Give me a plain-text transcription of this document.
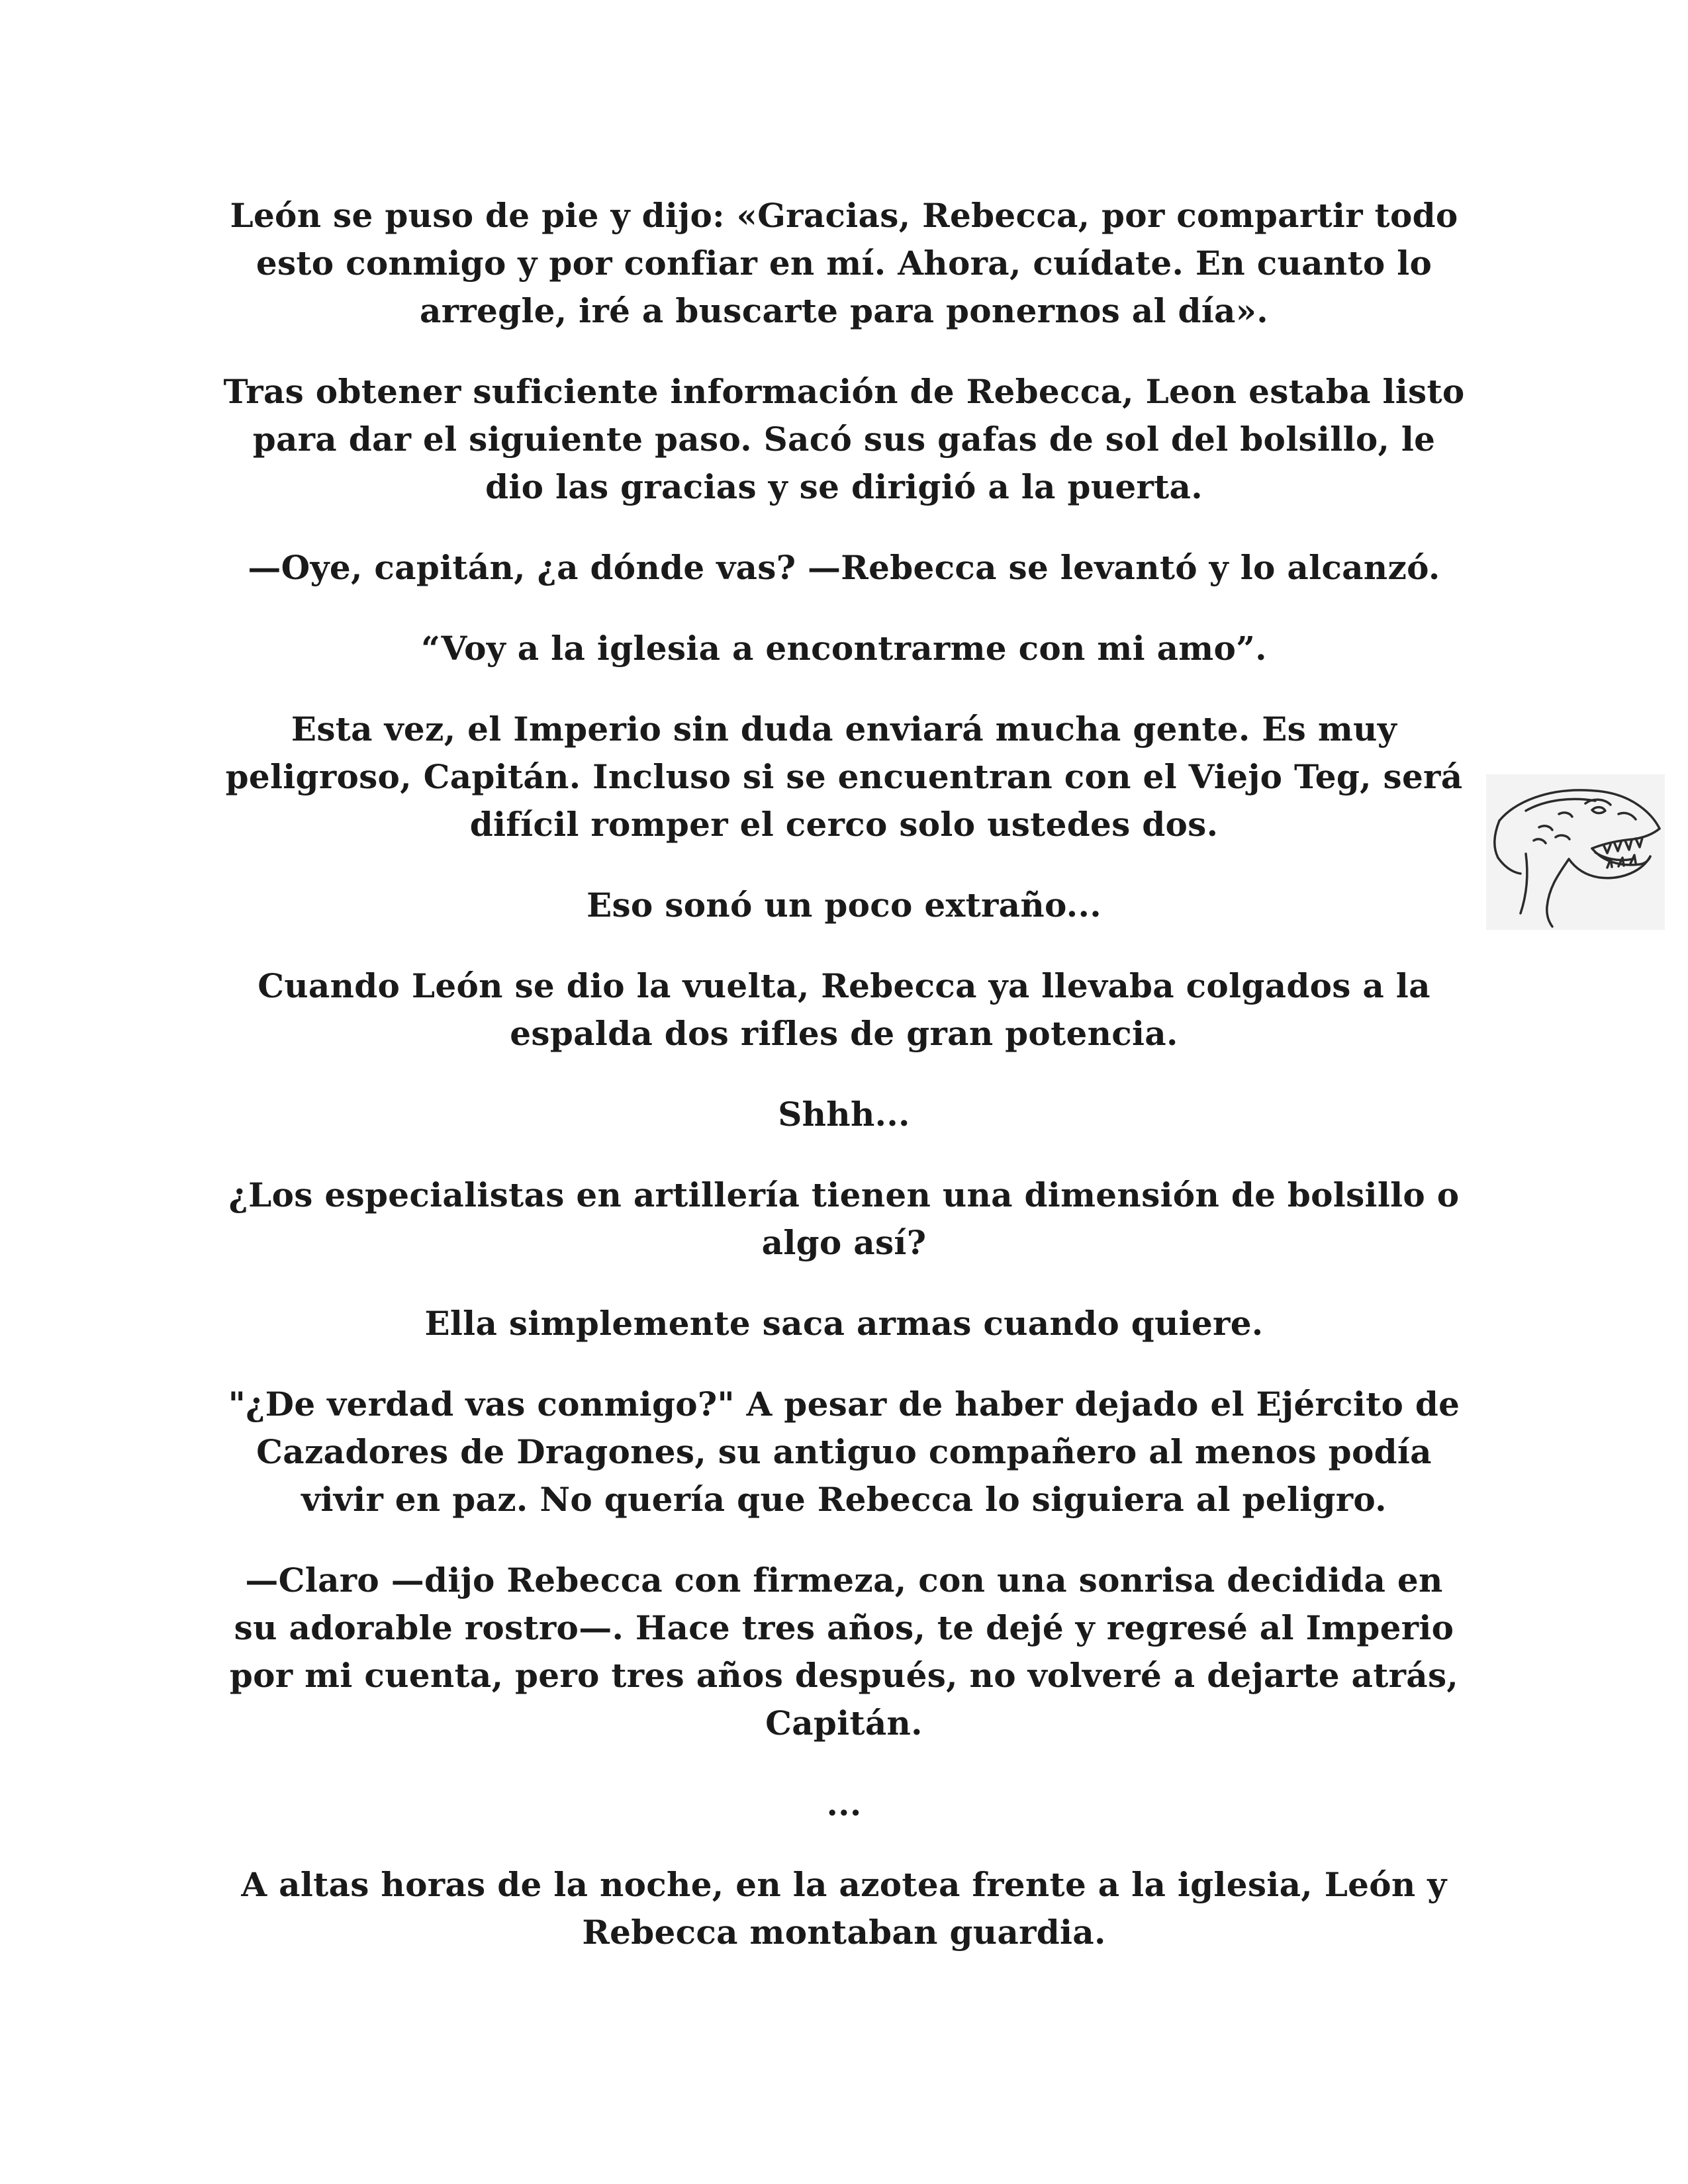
León se puso de pie y dijo: «Gracias, Rebecca, por compartir todo esto conmigo y por confiar en mí. Ahora, cuídate. En cuanto lo arregle, iré a buscarte para ponernos al día».

Tras obtener suficiente información de Rebecca, Leon estaba listo para dar el siguiente paso. Sacó sus gafas de sol del bolsillo, le dio las gracias y se dirigió a la puerta.

—Oye, capitán, ¿a dónde vas? —Rebecca se levantó y lo alcanzó.

“Voy a la iglesia a encontrarme con mi amo”.

Esta vez, el Imperio sin duda enviará mucha gente. Es muy peligroso, Capitán. Incluso si se encuentran con el Viejo Teg, será difícil romper el cerco solo ustedes dos.

Eso sonó un poco extraño...

Cuando León se dio la vuelta, Rebecca ya llevaba colgados a la espalda dos rifles de gran potencia.

Shhh...

¿Los especialistas en artillería tienen una dimensión de bolsillo o algo así?

Ella simplemente saca armas cuando quiere.

"¿De verdad vas conmigo?" A pesar de haber dejado el Ejército de Cazadores de Dragones, su antiguo compañero al menos podía vivir en paz. No quería que Rebecca lo siguiera al peligro.

—Claro —dijo Rebecca con firmeza, con una sonrisa decidida en su adorable rostro—. Hace tres años, te dejé y regresé al Imperio por mi cuenta, pero tres años después, no volveré a dejarte atrás, Capitán.

...

A altas horas de la noche, en la azotea frente a la iglesia, León y Rebecca montaban guardia.
